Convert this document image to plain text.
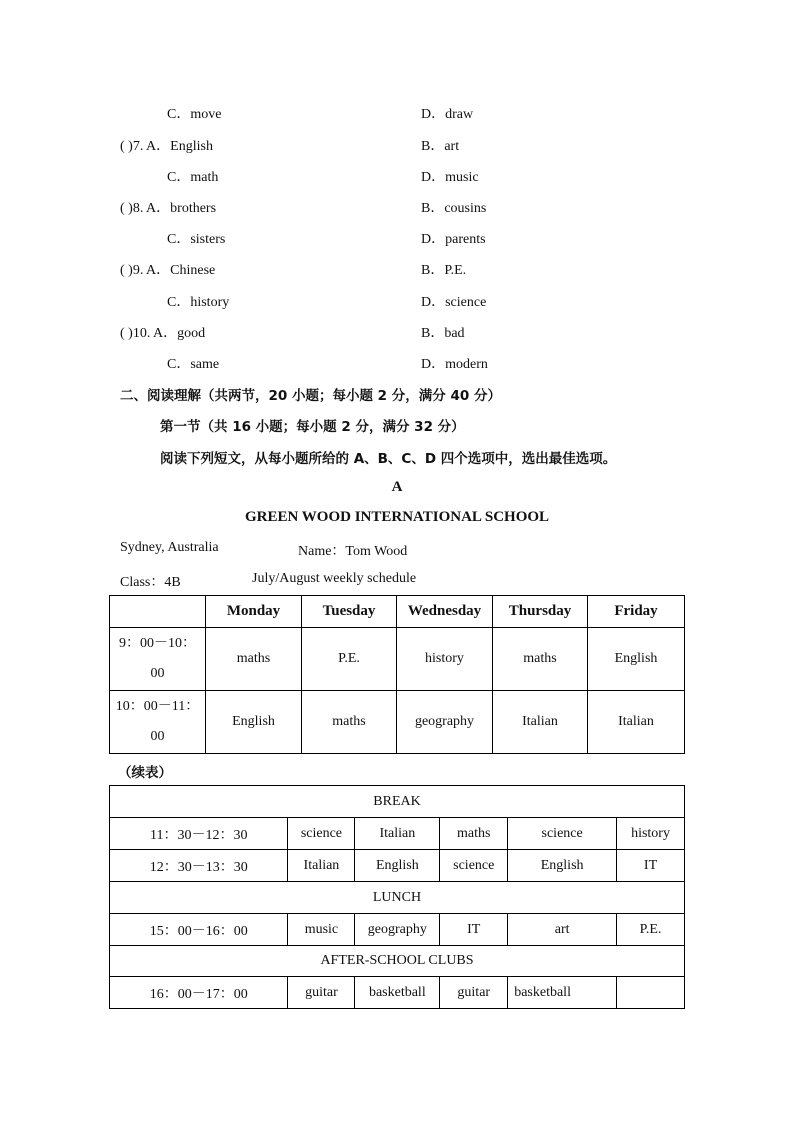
C．move	D．draw
( )7. A．English	B．art
C．math	D．music
( )8. A．brothers	B．cousins
C．sisters	D．parents
( )9. A．Chinese	B．P.E.
C．history	D．science
( )10. A．good	B．bad
C．same	D．modern
二、阅读理解（共两节，20 小题；每小题 2 分，满分 40 分）
第一节（共 16 小题；每小题 2 分，满分 32 分）
阅读下列短文，从每小题所给的 A、B、C、D 四个选项中，选出最佳选项。
A
GREEN WOOD INTERNATIONAL SCHOOL
Sydney, Australia	Name：Tom Wood
Class：4B	July/August weekly schedule
	Monday	Tuesday	Wednesday	Thursday	Friday
9：00－10：
00	maths	P.E.	history	maths	English
10：00－11：
00	English	maths	geography	Italian	Italian
（续表）
BREAK					
11：30－12：30	science	Italian	maths	science	history
12：30－13：30	Italian	English	science	English	IT
LUNCH					
15：00－16：00	music	geography	IT	art	P.E.
AFTER-SCHOOL CLUBS					
16：00－17：00	guitar	basketball	guitar	basketball	
